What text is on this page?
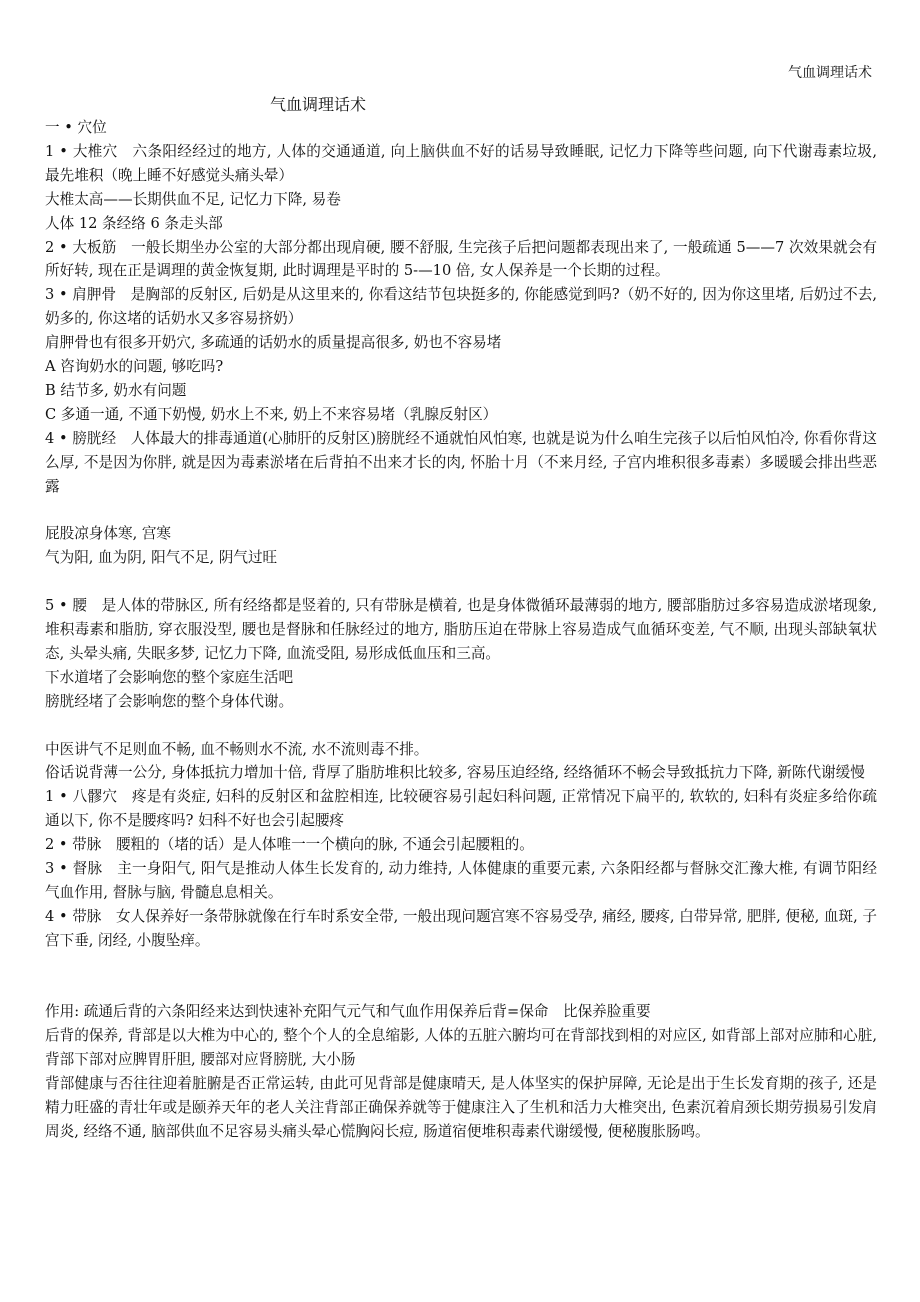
气血调理话术
气血调理话术

一 • 穴位

1 • 大椎穴　六条阳经经过的地方, 人体的交通通道, 向上脑供血不好的话易导致睡眠, 记忆力下降等些问题, 向下代谢毒素垃圾, 最先堆积（晚上睡不好感觉头痛头晕）

大椎太高——长期供血不足, 记忆力下降, 易卷

人体 12 条经络 6 条走头部

2 • 大板筋　一般长期坐办公室的大部分都出现肩硬, 腰不舒服, 生完孩子后把问题都表现出来了, 一般疏通 5——7 次效果就会有所好转, 现在正是调理的黄金恢复期, 此时调理是平时的 5-—10 倍, 女人保养是一个长期的过程。

3 • 肩胛骨　是胸部的反射区, 后奶是从这里来的, 你看这结节包块挺多的, 你能感觉到吗?（奶不好的, 因为你这里堵, 后奶过不去, 奶多的, 你这堵的话奶水又多容易挤奶）

肩胛骨也有很多开奶穴, 多疏通的话奶水的质量提高很多, 奶也不容易堵

A 咨询奶水的问题, 够吃吗?

B 结节多, 奶水有问题

C 多通一通, 不通下奶慢, 奶水上不来, 奶上不来容易堵（乳腺反射区）

4 • 膀胱经　人体最大的排毒通道(心肺肝的反射区)膀胱经不通就怕风怕寒, 也就是说为什么咱生完孩子以后怕风怕冷, 你看你背这么厚, 不是因为你胖, 就是因为毒素淤堵在后背拍不出来才长的肉, 怀胎十月（不来月经, 子宫内堆积很多毒素）多暖暖会排出些恶露

屁股凉身体寒, 宫寒

气为阳, 血为阴, 阳气不足, 阴气过旺

5 • 腰　是人体的带脉区, 所有经络都是竖着的, 只有带脉是横着, 也是身体微循环最薄弱的地方, 腰部脂肪过多容易造成淤堵现象, 堆积毒素和脂肪, 穿衣服没型, 腰也是督脉和任脉经过的地方, 脂肪压迫在带脉上容易造成气血循环变差, 气不顺, 出现头部缺氧状态, 头晕头痛, 失眠多梦, 记忆力下降, 血流受阻, 易形成低血压和三高。

下水道堵了会影响您的整个家庭生活吧

膀胱经堵了会影响您的整个身体代谢。

中医讲气不足则血不畅, 血不畅则水不流, 水不流则毒不排。

俗话说背薄一公分, 身体抵抗力增加十倍, 背厚了脂肪堆积比较多, 容易压迫经络, 经络循环不畅会导致抵抗力下降, 新陈代谢缓慢

1 • 八髎穴　疼是有炎症, 妇科的反射区和盆腔相连, 比较硬容易引起妇科问题, 正常情况下扁平的, 软软的, 妇科有炎症多给你疏通以下, 你不是腰疼吗? 妇科不好也会引起腰疼

2 • 带脉　腰粗的（堵的话）是人体唯一一个横向的脉, 不通会引起腰粗的。

3 • 督脉　主一身阳气, 阳气是推动人体生长发育的, 动力维持, 人体健康的重要元素, 六条阳经都与督脉交汇豫大椎, 有调节阳经气血作用, 督脉与脑, 骨髓息息相关。

4 • 带脉　女人保养好一条带脉就像在行车时系安全带, 一般出现问题宫寒不容易受孕, 痛经, 腰疼, 白带异常, 肥胖, 便秘, 血斑, 子宫下垂, 闭经, 小腹坠痒。

作用: 疏通后背的六条阳经来达到快速补充阳气元气和气血作用保养后背=保命　比保养脸重要

后背的保养, 背部是以大椎为中心的, 整个个人的全息缩影, 人体的五脏六腑均可在背部找到相的对应区, 如背部上部对应肺和心脏, 背部下部对应脾胃肝胆, 腰部对应肾膀胱, 大小肠

背部健康与否往往迎着脏腑是否正常运转, 由此可见背部是健康晴天, 是人体坚实的保护屏障, 无论是出于生长发育期的孩子, 还是精力旺盛的青壮年或是颐养天年的老人关注背部正确保养就等于健康注入了生机和活力大椎突出, 色素沉着肩颈长期劳损易引发肩周炎, 经络不通, 脑部供血不足容易头痛头晕心慌胸闷长痘, 肠道宿便堆积毒素代谢缓慢, 便秘腹胀肠鸣。
